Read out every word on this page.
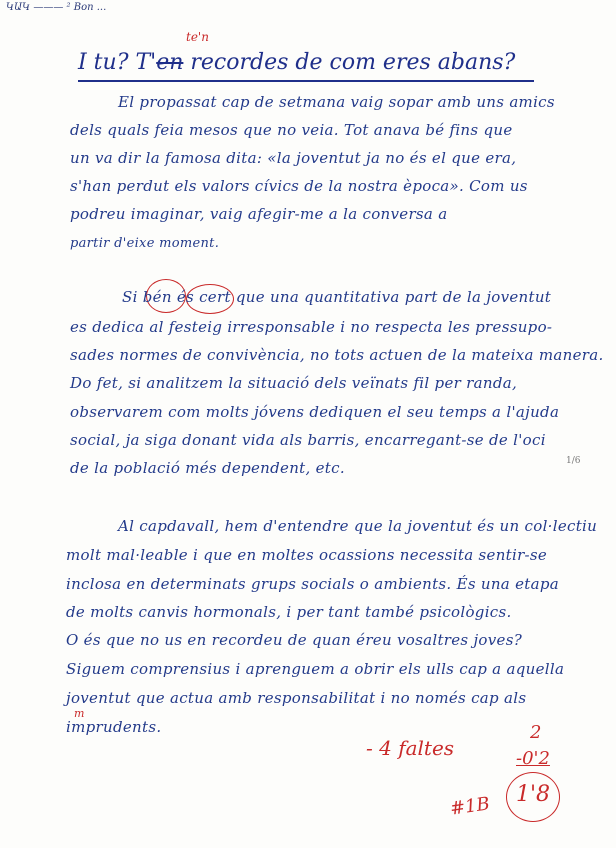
ԿԱԿ ——— ² Bon ...
te'n
I tu? T'en recordes de com eres abans?
El propassat cap de setmana vaig sopar amb uns amics
dels quals feia mesos que no veia. Tot anava bé fins que
un va dir la famosa dita: «la joventut ja no és el que era,
s'han perdut els valors cívics de la nostra època». Com us
podreu imaginar, vaig afegir-me a la conversa a
partir d'eixe moment.
Si bén és cert que una quantitativa part de la joventut
es dedica al festeig irresponsable i no respecta les pressupo-
sades normes de convivència, no tots actuen de la mateixa manera.
Do fet, si analitzem la situació dels veïnats fil per randa,
observarem com molts jóvens dediquen el seu temps a l'ajuda
social, ja siga donant vida als barris, encarregant-se de l'oci
de la població més dependent, etc.	1/6
Al capdavall, hem d'entendre que la joventut és un col·lectiu
molt mal·leable i que en moltes ocassions necessita sentir-se
inclosa en determinats grups socials o ambients. És una etapa
de molts canvis hormonals, i per tant també psicològics.
O és que no us en recordeu de quan éreu vosaltres joves?
Siguem comprensius i aprenguem a obrir els ulls cap a aquella
joventut que actua amb responsabilitat i no només cap als
m
imprudents.
- 4 faltes
2
-0'2
1'8
#1B
